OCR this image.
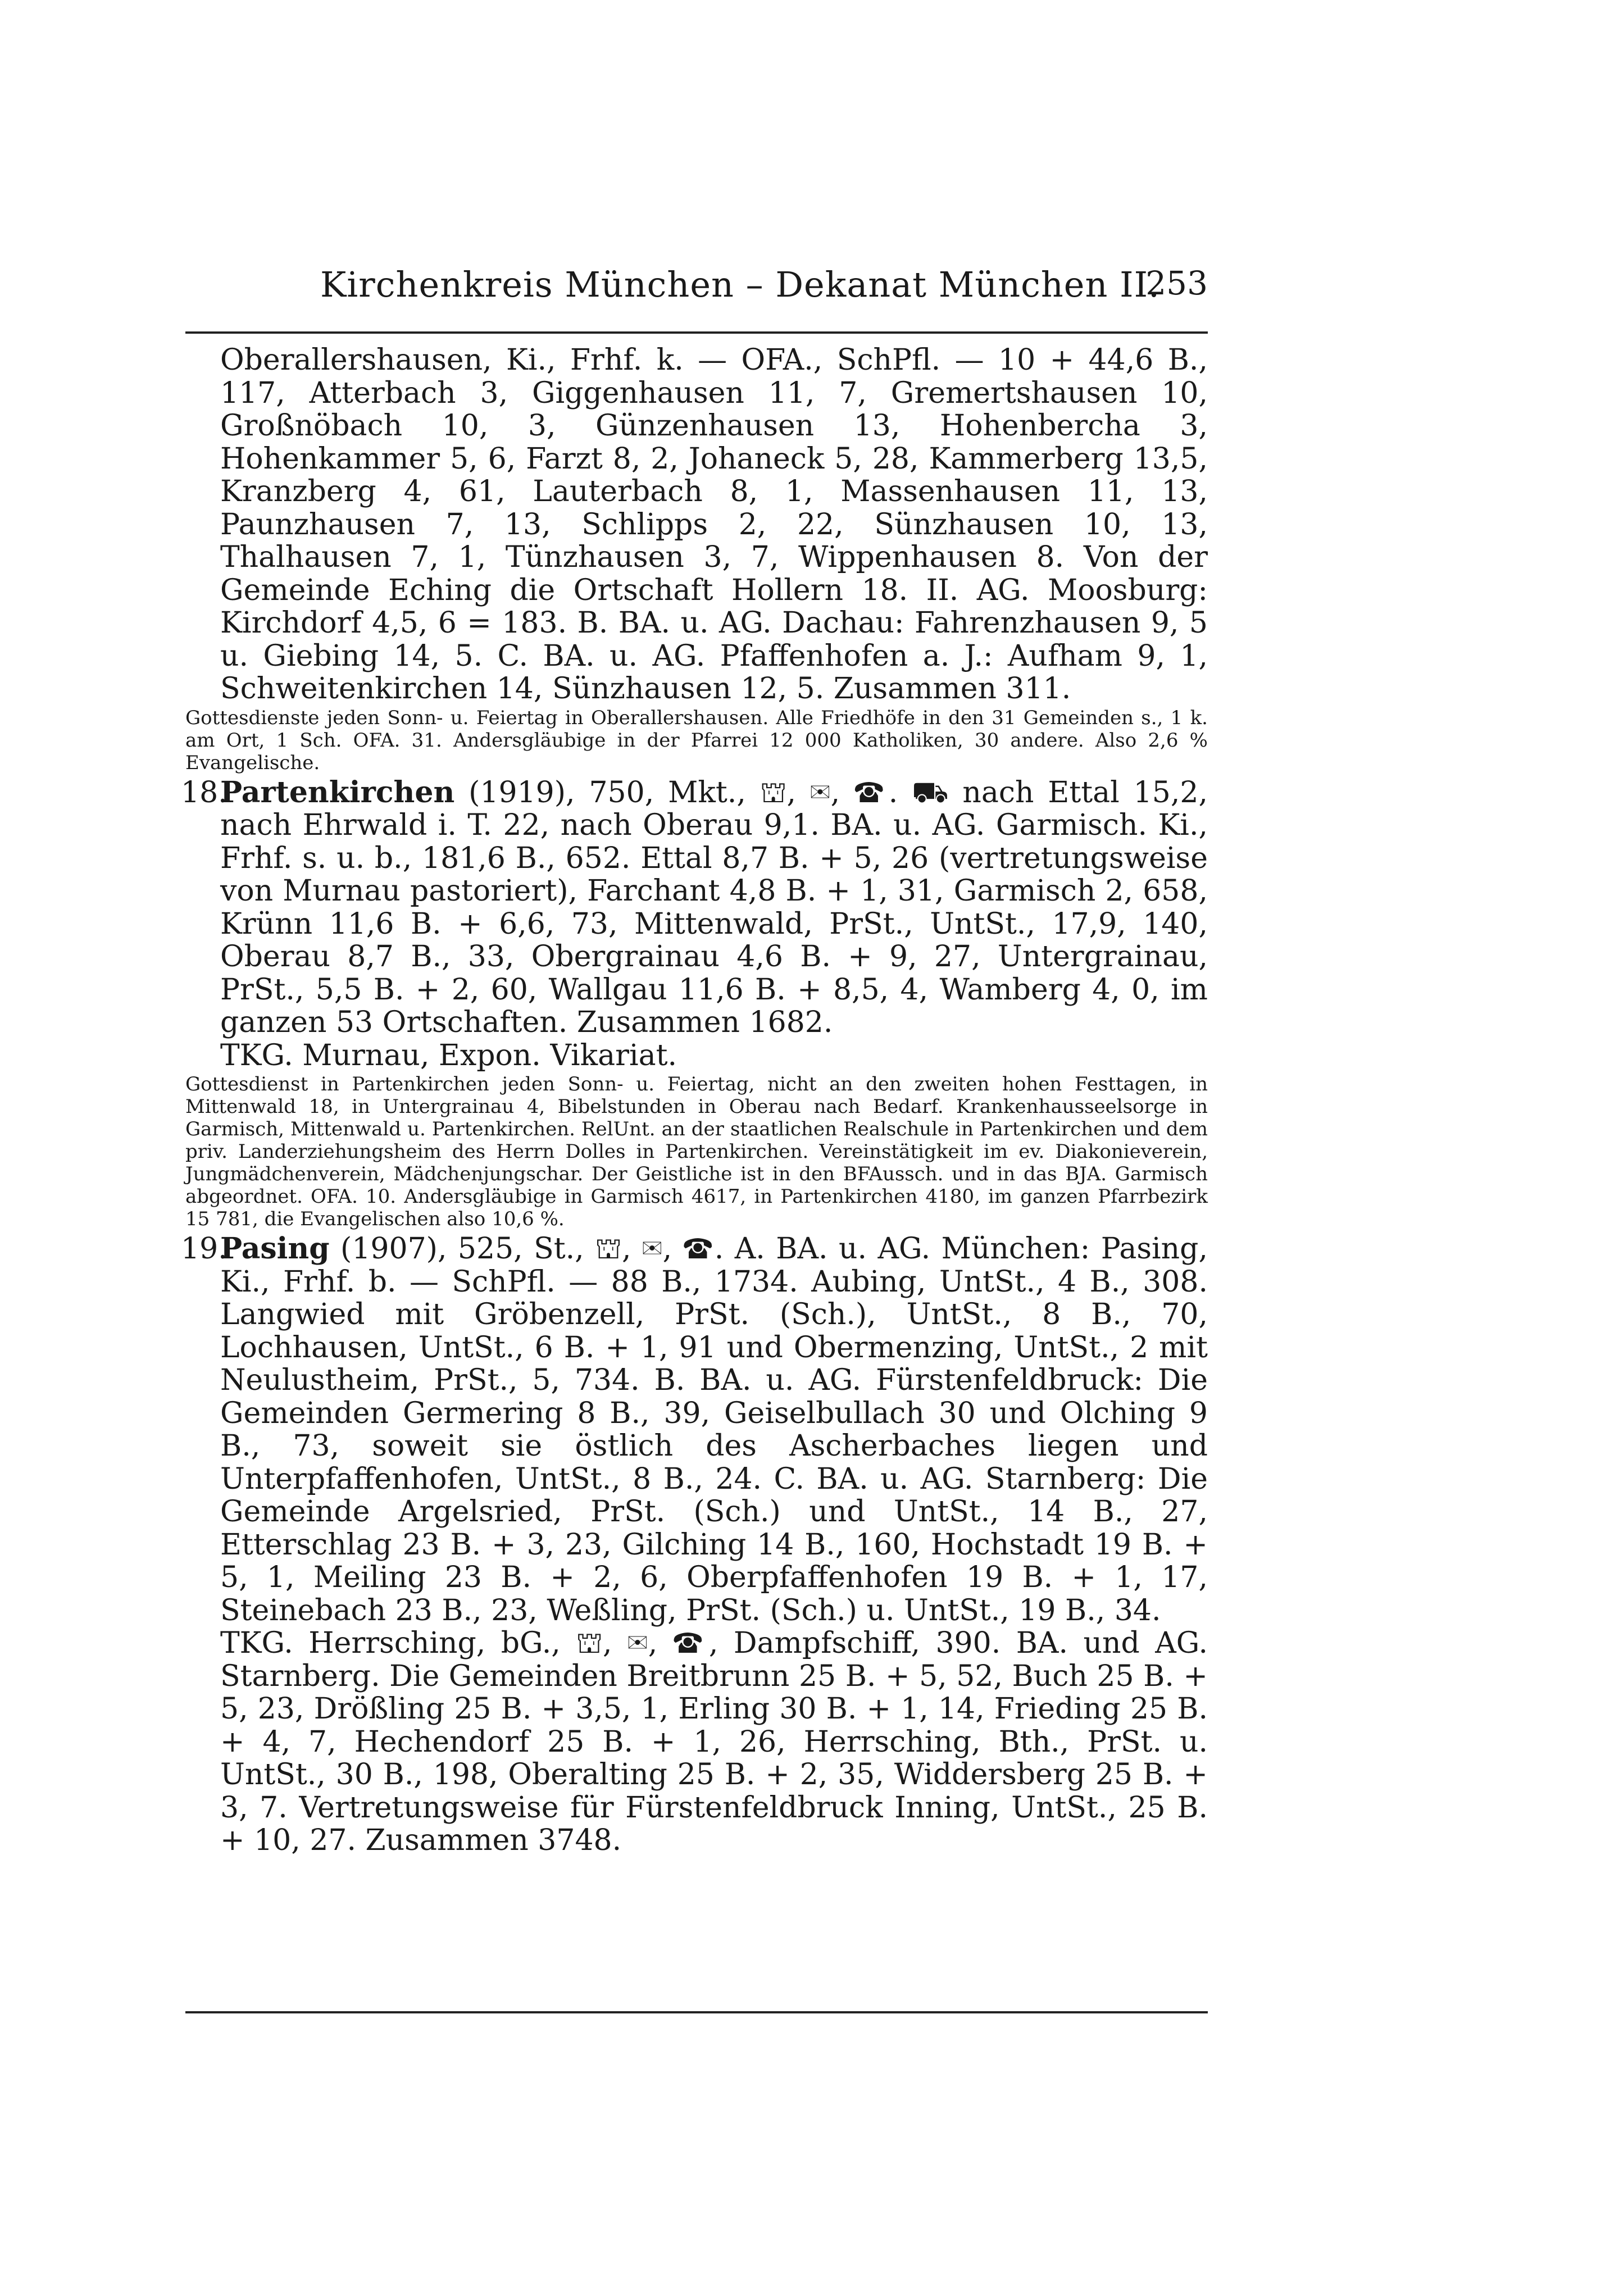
Kirchenkreis München – Dekanat München II.
253

Oberallershausen, Ki., Frhf. k. — OFA., SchPfl. — 10 + 44,6 B., 117, Atterbach 3, Giggenhausen 11, 7, Gremertshausen 10, Großnöbach 10, 3, Günzenhausen 13, Hohenbercha 3, Hohenkammer 5, 6, Farzt 8, 2, Johaneck 5, 28, Kammerberg 13,5, Kranzberg 4, 61, Lauterbach 8, 1, Massenhausen 11, 13, Paunzhausen 7, 13, Schlipps 2, 22, Sünzhausen 10, 13, Thalhausen 7, 1, Tünzhausen 3, 7, Wippenhausen 8. Von der Gemeinde Eching die Ortschaft Hollern 18. II. AG. Moosburg: Kirchdorf 4,5, 6 = 183. B. BA. u. AG. Dachau: Fahrenzhausen 9, 5 u. Giebing 14, 5. C. BA. u. AG. Pfaffenhofen a. J.: Aufham 9, 1, Schweitenkirchen 14, Sünzhausen 12, 5. Zusammen 311.

Gottesdienste jeden Sonn- u. Feiertag in Oberallershausen. Alle Friedhöfe in den 31 Gemeinden s., 1 k. am Ort, 1 Sch. OFA. 31. Andersgläubige in der Pfarrei 12 000 Katholiken, 30 andere. Also 2,6 % Evangelische.

18.

Partenkirchen (1919), 750, Mkt., ⛫, ✉, ☎. ⛟ nach Ettal 15,2, nach Ehrwald i. T. 22, nach Oberau 9,1. BA. u. AG. Garmisch. Ki., Frhf. s. u. b., 181,6 B., 652. Ettal 8,7 B. + 5, 26 (vertretungsweise von Murnau pastoriert), Farchant 4,8 B. + 1, 31, Garmisch 2, 658, Krünn 11,6 B. + 6,6, 73, Mittenwald, PrSt., UntSt., 17,9, 140, Oberau 8,7 B., 33, Obergrainau 4,6 B. + 9, 27, Untergrainau, PrSt., 5,5 B. + 2, 60, Wallgau 11,6 B. + 8,5, 4, Wamberg 4, 0, im ganzen 53 Ortschaften. Zusammen 1682.

TKG. Murnau, Expon. Vikariat.

Gottesdienst in Partenkirchen jeden Sonn- u. Feiertag, nicht an den zweiten hohen Festtagen, in Mittenwald 18, in Untergrainau 4, Bibelstunden in Oberau nach Bedarf. Krankenhausseelsorge in Garmisch, Mittenwald u. Partenkirchen. RelUnt. an der staatlichen Realschule in Partenkirchen und dem priv. Landerziehungsheim des Herrn Dolles in Partenkirchen. Vereinstätigkeit im ev. Diakonieverein, Jungmädchenverein, Mädchenjungschar. Der Geistliche ist in den BFAussch. und in das BJA. Garmisch abgeordnet. OFA. 10. Andersgläubige in Garmisch 4617, in Partenkirchen 4180, im ganzen Pfarrbezirk 15 781, die Evangelischen also 10,6 %.

19.

Pasing (1907), 525, St., ⛫, ✉, ☎. A. BA. u. AG. München: Pasing, Ki., Frhf. b. — SchPfl. — 88 B., 1734. Aubing, UntSt., 4 B., 308. Langwied mit Gröbenzell, PrSt. (Sch.), UntSt., 8 B., 70, Lochhausen, UntSt., 6 B. + 1, 91 und Obermenzing, UntSt., 2 mit Neulustheim, PrSt., 5, 734. B. BA. u. AG. Fürstenfeldbruck: Die Gemeinden Germering 8 B., 39, Geiselbullach 30 und Olching 9 B., 73, soweit sie östlich des Ascherbaches liegen und Unterpfaffenhofen, UntSt., 8 B., 24. C. BA. u. AG. Starnberg: Die Gemeinde Argelsried, PrSt. (Sch.) und UntSt., 14 B., 27, Etterschlag 23 B. + 3, 23, Gilching 14 B., 160, Hochstadt 19 B. + 5, 1, Meiling 23 B. + 2, 6, Oberpfaffenhofen 19 B. + 1, 17, Steinebach 23 B., 23, Weßling, PrSt. (Sch.) u. UntSt., 19 B., 34.

TKG. Herrsching, bG., ⛫, ✉, ☎, Dampfschiff, 390. BA. und AG. Starnberg. Die Gemeinden Breitbrunn 25 B. + 5, 52, Buch 25 B. + 5, 23, Drößling 25 B. + 3,5, 1, Erling 30 B. + 1, 14, Frieding 25 B. + 4, 7, Hechendorf 25 B. + 1, 26, Herrsching, Bth., PrSt. u. UntSt., 30 B., 198, Oberalting 25 B. + 2, 35, Widdersberg 25 B. + 3, 7. Vertretungsweise für Fürstenfeldbruck Inning, UntSt., 25 B. + 10, 27. Zusammen 3748.
